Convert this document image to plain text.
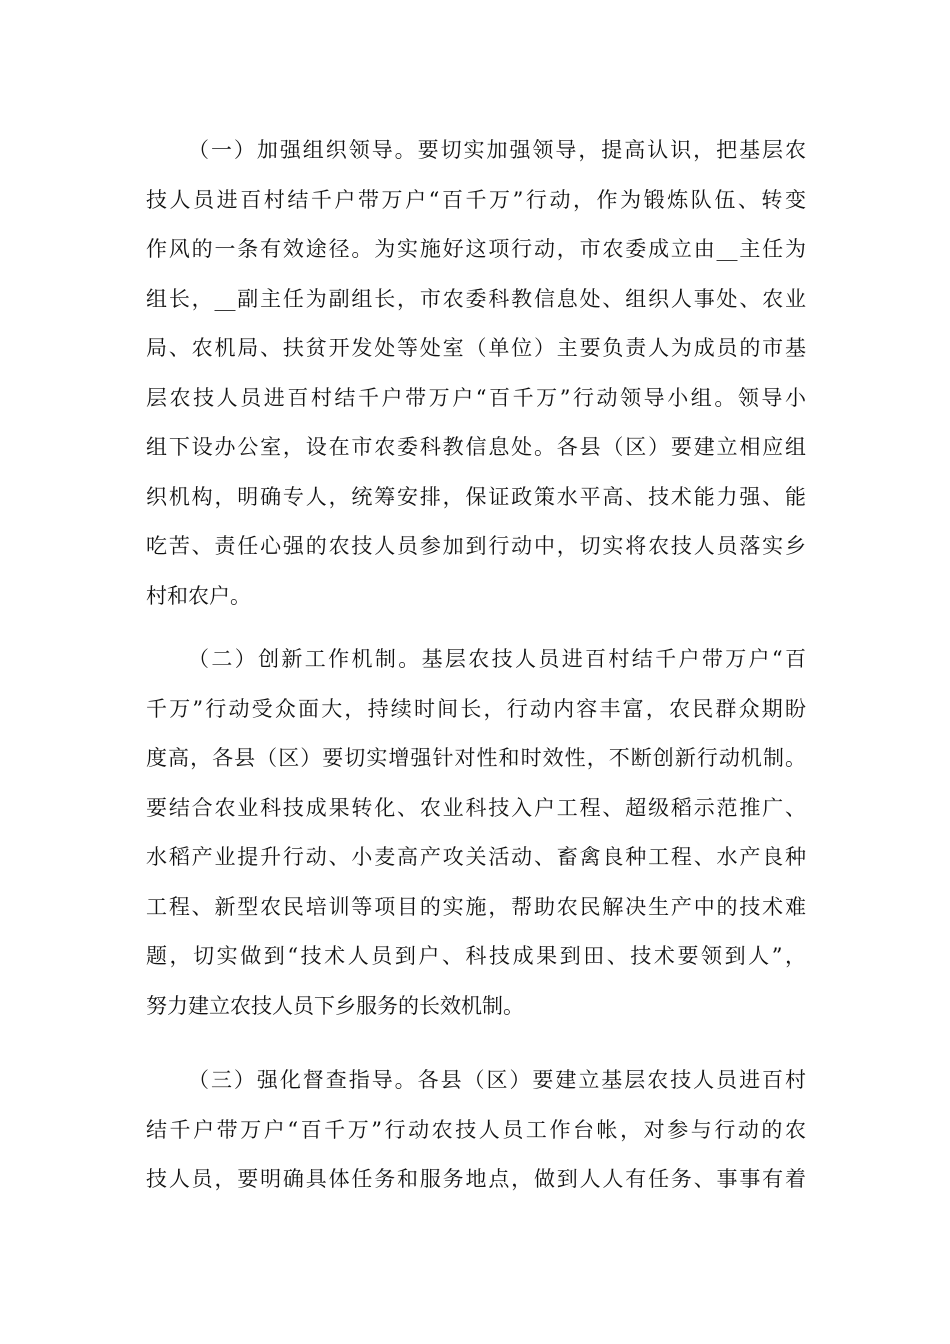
（一）加强组织领导。要切实加强领导，提高认识，把基层农
技人员进百村结千户带万户“百千万”行动，作为锻炼队伍、转变
作风的一条有效途径。为实施好这项行动，市农委成立由__主任为
组长，__副主任为副组长，市农委科教信息处、组织人事处、农业
局、农机局、扶贫开发处等处室（单位）主要负责人为成员的市基
层农技人员进百村结千户带万户“百千万”行动领导小组。领导小
组下设办公室，设在市农委科教信息处。各县（区）要建立相应组
织机构，明确专人，统筹安排，保证政策水平高、技术能力强、能
吃苦、责任心强的农技人员参加到行动中，切实将农技人员落实乡
村和农户。
（二）创新工作机制。基层农技人员进百村结千户带万户“百
千万”行动受众面大，持续时间长，行动内容丰富，农民群众期盼
度高，各县（区）要切实增强针对性和时效性，不断创新行动机制。
要结合农业科技成果转化、农业科技入户工程、超级稻示范推广、
水稻产业提升行动、小麦高产攻关活动、畜禽良种工程、水产良种
工程、新型农民培训等项目的实施，帮助农民解决生产中的技术难
题，切实做到“技术人员到户、科技成果到田、技术要领到人”，
努力建立农技人员下乡服务的长效机制。
（三）强化督查指导。各县（区）要建立基层农技人员进百村
结千户带万户“百千万”行动农技人员工作台帐，对参与行动的农
技人员，要明确具体任务和服务地点，做到人人有任务、事事有着
